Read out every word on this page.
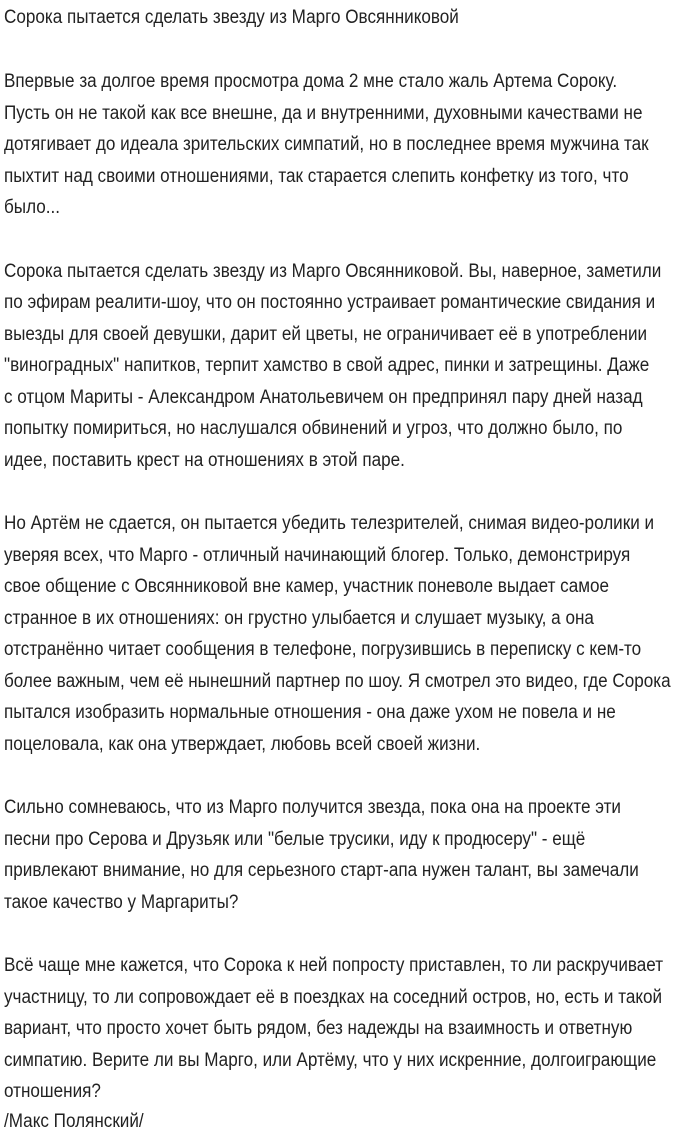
Сорока пытается сделать звезду из Марго Овсянниковой

Впервые за долгое время просмотра дома 2 мне стало жаль Артема Сороку.
Пусть он не такой как все внешне, да и внутренними, духовными качествами не
дотягивает до идеала зрительских симпатий, но в последнее время мужчина так
пыхтит над своими отношениями, так старается слепить конфетку из того, что
было...

Сорока пытается сделать звезду из Марго Овсянниковой. Вы, наверное, заметили
по эфирам реалити-шоу, что он постоянно устраивает романтические свидания и
выезды для своей девушки, дарит ей цветы, не ограничивает её в употреблении
"виноградных" напитков, терпит хамство в свой адрес, пинки и затрещины. Даже
с отцом Мариты - Александром Анатольевичем он предпринял пару дней назад
попытку помириться, но наслушался обвинений и угроз, что должно было, по
идее, поставить крест на отношениях в этой паре.

Но Артём не сдается, он пытается убедить телезрителей, снимая видео-ролики и
уверяя всех, что Марго - отличный начинающий блогер. Только, демонстрируя
свое общение с Овсянниковой вне камер, участник поневоле выдает самое
странное в их отношениях: он грустно улыбается и слушает музыку, а она
отстранённо читает сообщения в телефоне, погрузившись в переписку с кем-то
более важным, чем её нынешний партнер по шоу. Я смотрел это видео, где Сорока
пытался изобразить нормальные отношения - она даже ухом не повела и не
поцеловала, как она утверждает, любовь всей своей жизни.

Сильно сомневаюсь, что из Марго получится звезда, пока она на проекте эти
песни про Серова и Друзьяк или "белые трусики, иду к продюсеру" - ещё
привлекают внимание, но для серьезного старт-апа нужен талант, вы замечали
такое качество у Маргариты?

Всё чаще мне кажется, что Сорока к ней попросту приставлен, то ли раскручивает
участницу, то ли сопровождает её в поездках на соседний остров, но, есть и такой
вариант, что просто хочет быть рядом, без надежды на взаимность и ответную
симпатию. Верите ли вы Марго, или Артёму, что у них искренние, долгоиграющие
отношения?

/Макс Полянский/
